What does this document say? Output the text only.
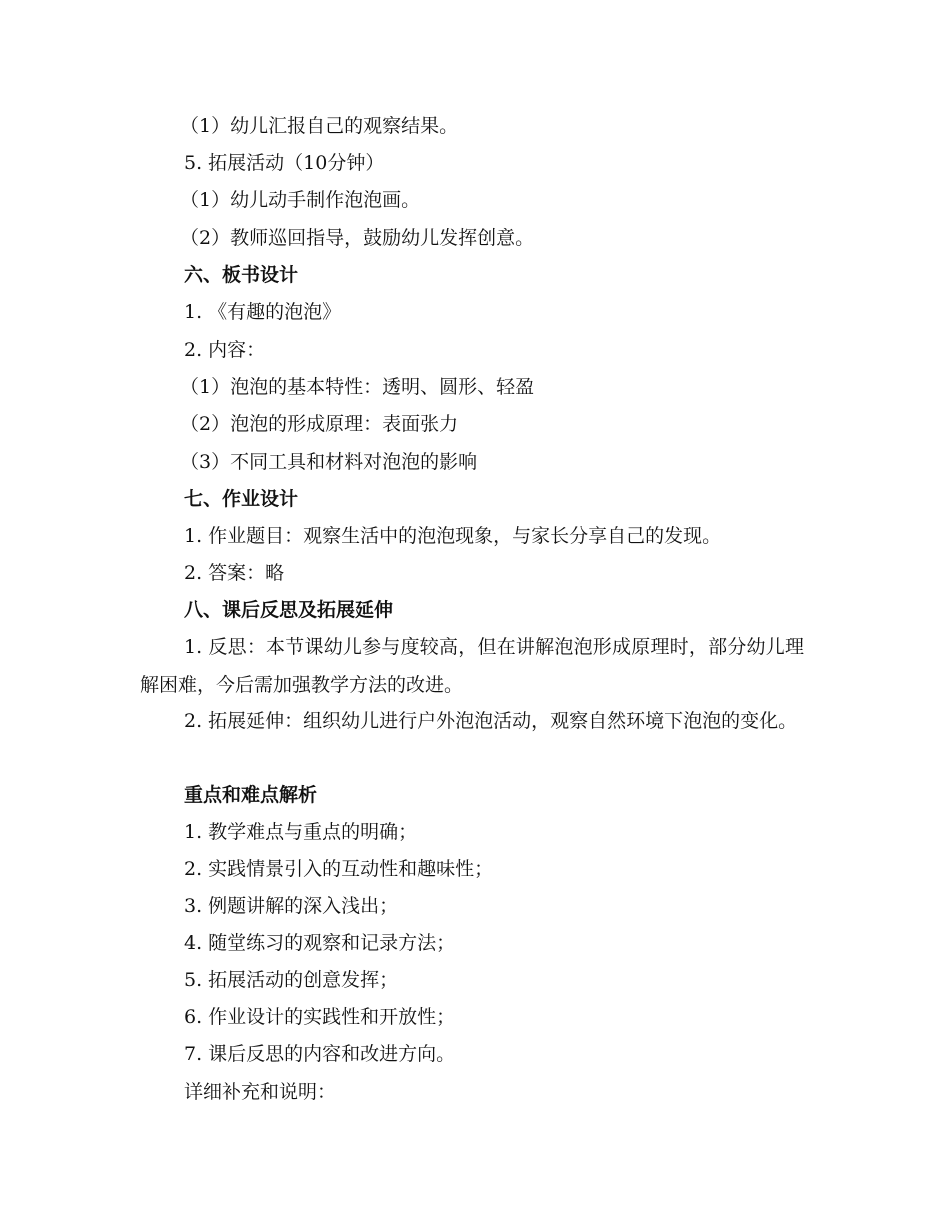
（1）幼儿汇报自己的观察结果。
5. 拓展活动（10分钟）
（1）幼儿动手制作泡泡画。
（2）教师巡回指导，鼓励幼儿发挥创意。
六、板书设计
1. 《有趣的泡泡》
2. 内容：
（1）泡泡的基本特性：透明、圆形、轻盈
（2）泡泡的形成原理：表面张力
（3）不同工具和材料对泡泡的影响
七、作业设计
1. 作业题目：观察生活中的泡泡现象，与家长分享自己的发现。
2. 答案：略
八、课后反思及拓展延伸
1. 反思：本节课幼儿参与度较高，但在讲解泡泡形成原理时，部分幼儿理解困难，今后需加强教学方法的改进。
2. 拓展延伸：组织幼儿进行户外泡泡活动，观察自然环境下泡泡的变化。
重点和难点解析
1. 教学难点与重点的明确；
2. 实践情景引入的互动性和趣味性；
3. 例题讲解的深入浅出；
4. 随堂练习的观察和记录方法；
5. 拓展活动的创意发挥；
6. 作业设计的实践性和开放性；
7. 课后反思的内容和改进方向。
详细补充和说明：
